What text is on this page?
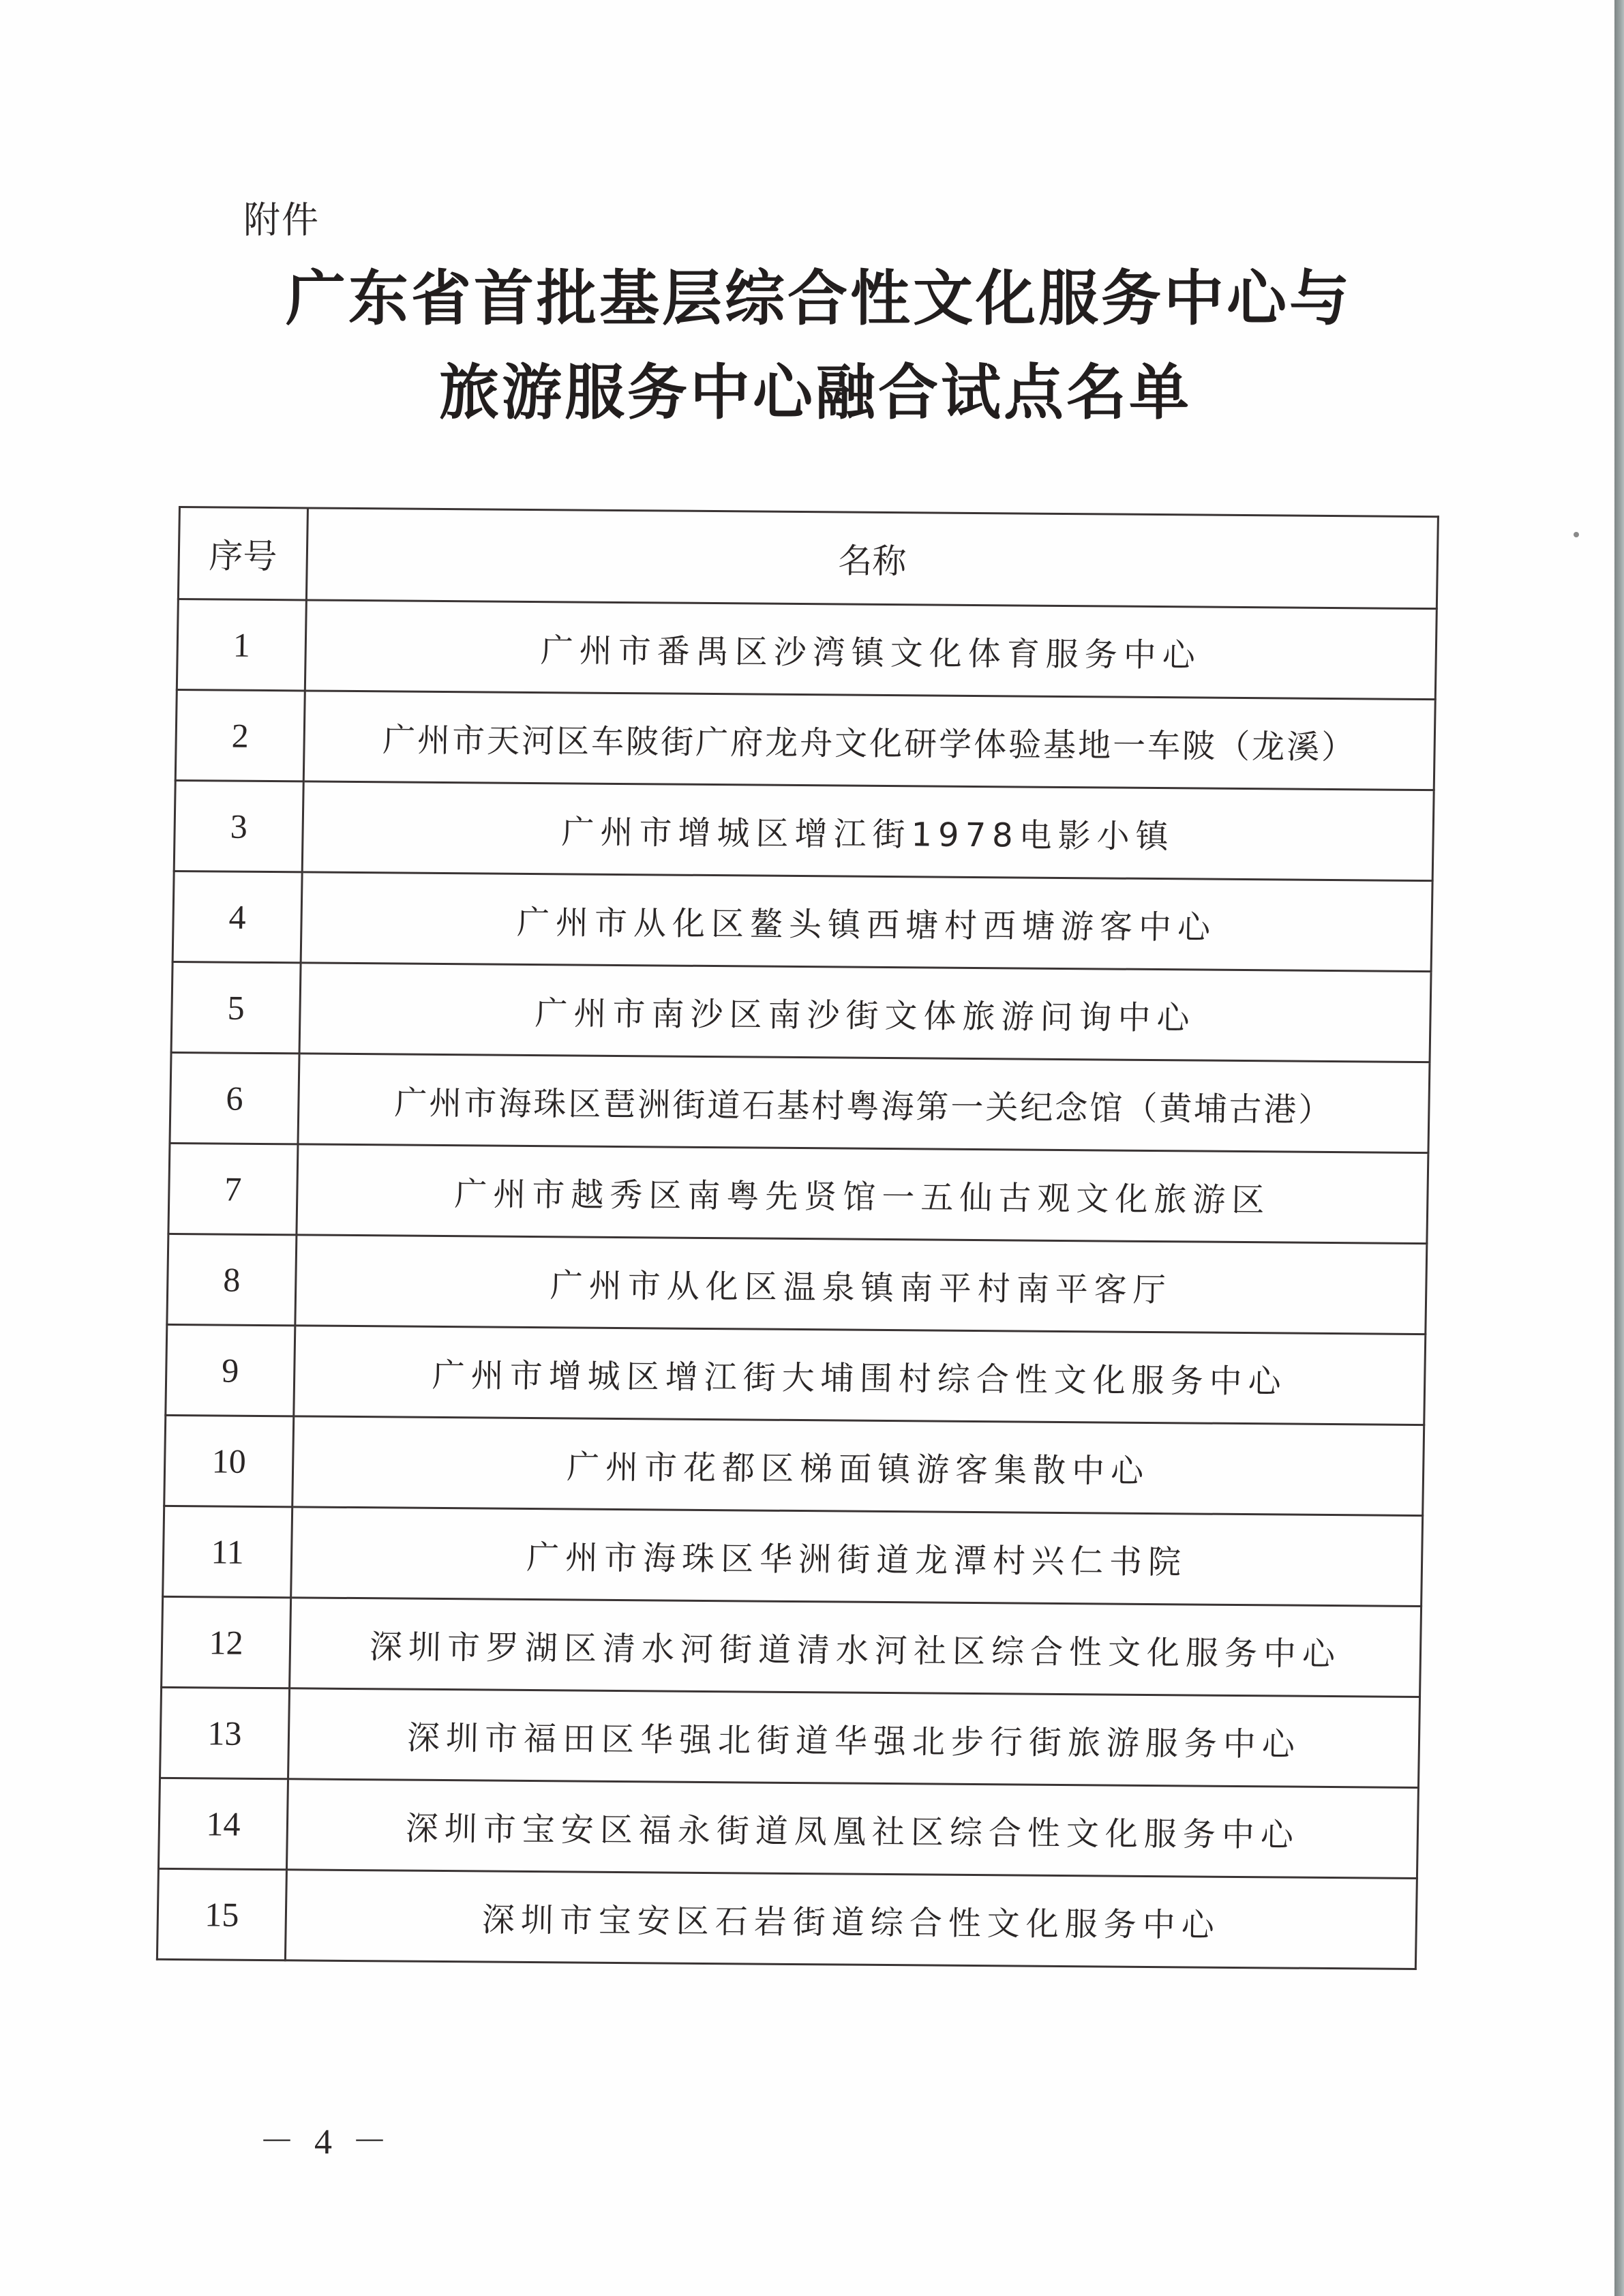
附件
广东省首批基层综合性文化服务中心与
旅游服务中心融合试点名单
序号	名称
1	广州市番禺区沙湾镇文化体育服务中心
2	广州市天河区车陂街广府龙舟文化研学体验基地一车陂（龙溪）
3	广州市增城区增江街1978电影小镇
4	广州市从化区鳌头镇西塘村西塘游客中心
5	广州市南沙区南沙街文体旅游问询中心
6	广州市海珠区琶洲街道石基村粤海第一关纪念馆（黄埔古港）
7	广州市越秀区南粤先贤馆一五仙古观文化旅游区
8	广州市从化区温泉镇南平村南平客厅
9	广州市增城区增江街大埔围村综合性文化服务中心
10	广州市花都区梯面镇游客集散中心
11	广州市海珠区华洲街道龙潭村兴仁书院
12	深圳市罗湖区清水河街道清水河社区综合性文化服务中心
13	深圳市福田区华强北街道华强北步行街旅游服务中心
14	深圳市宝安区福永街道凤凰社区综合性文化服务中心
15	深圳市宝安区石岩街道综合性文化服务中心
－ 4 －
